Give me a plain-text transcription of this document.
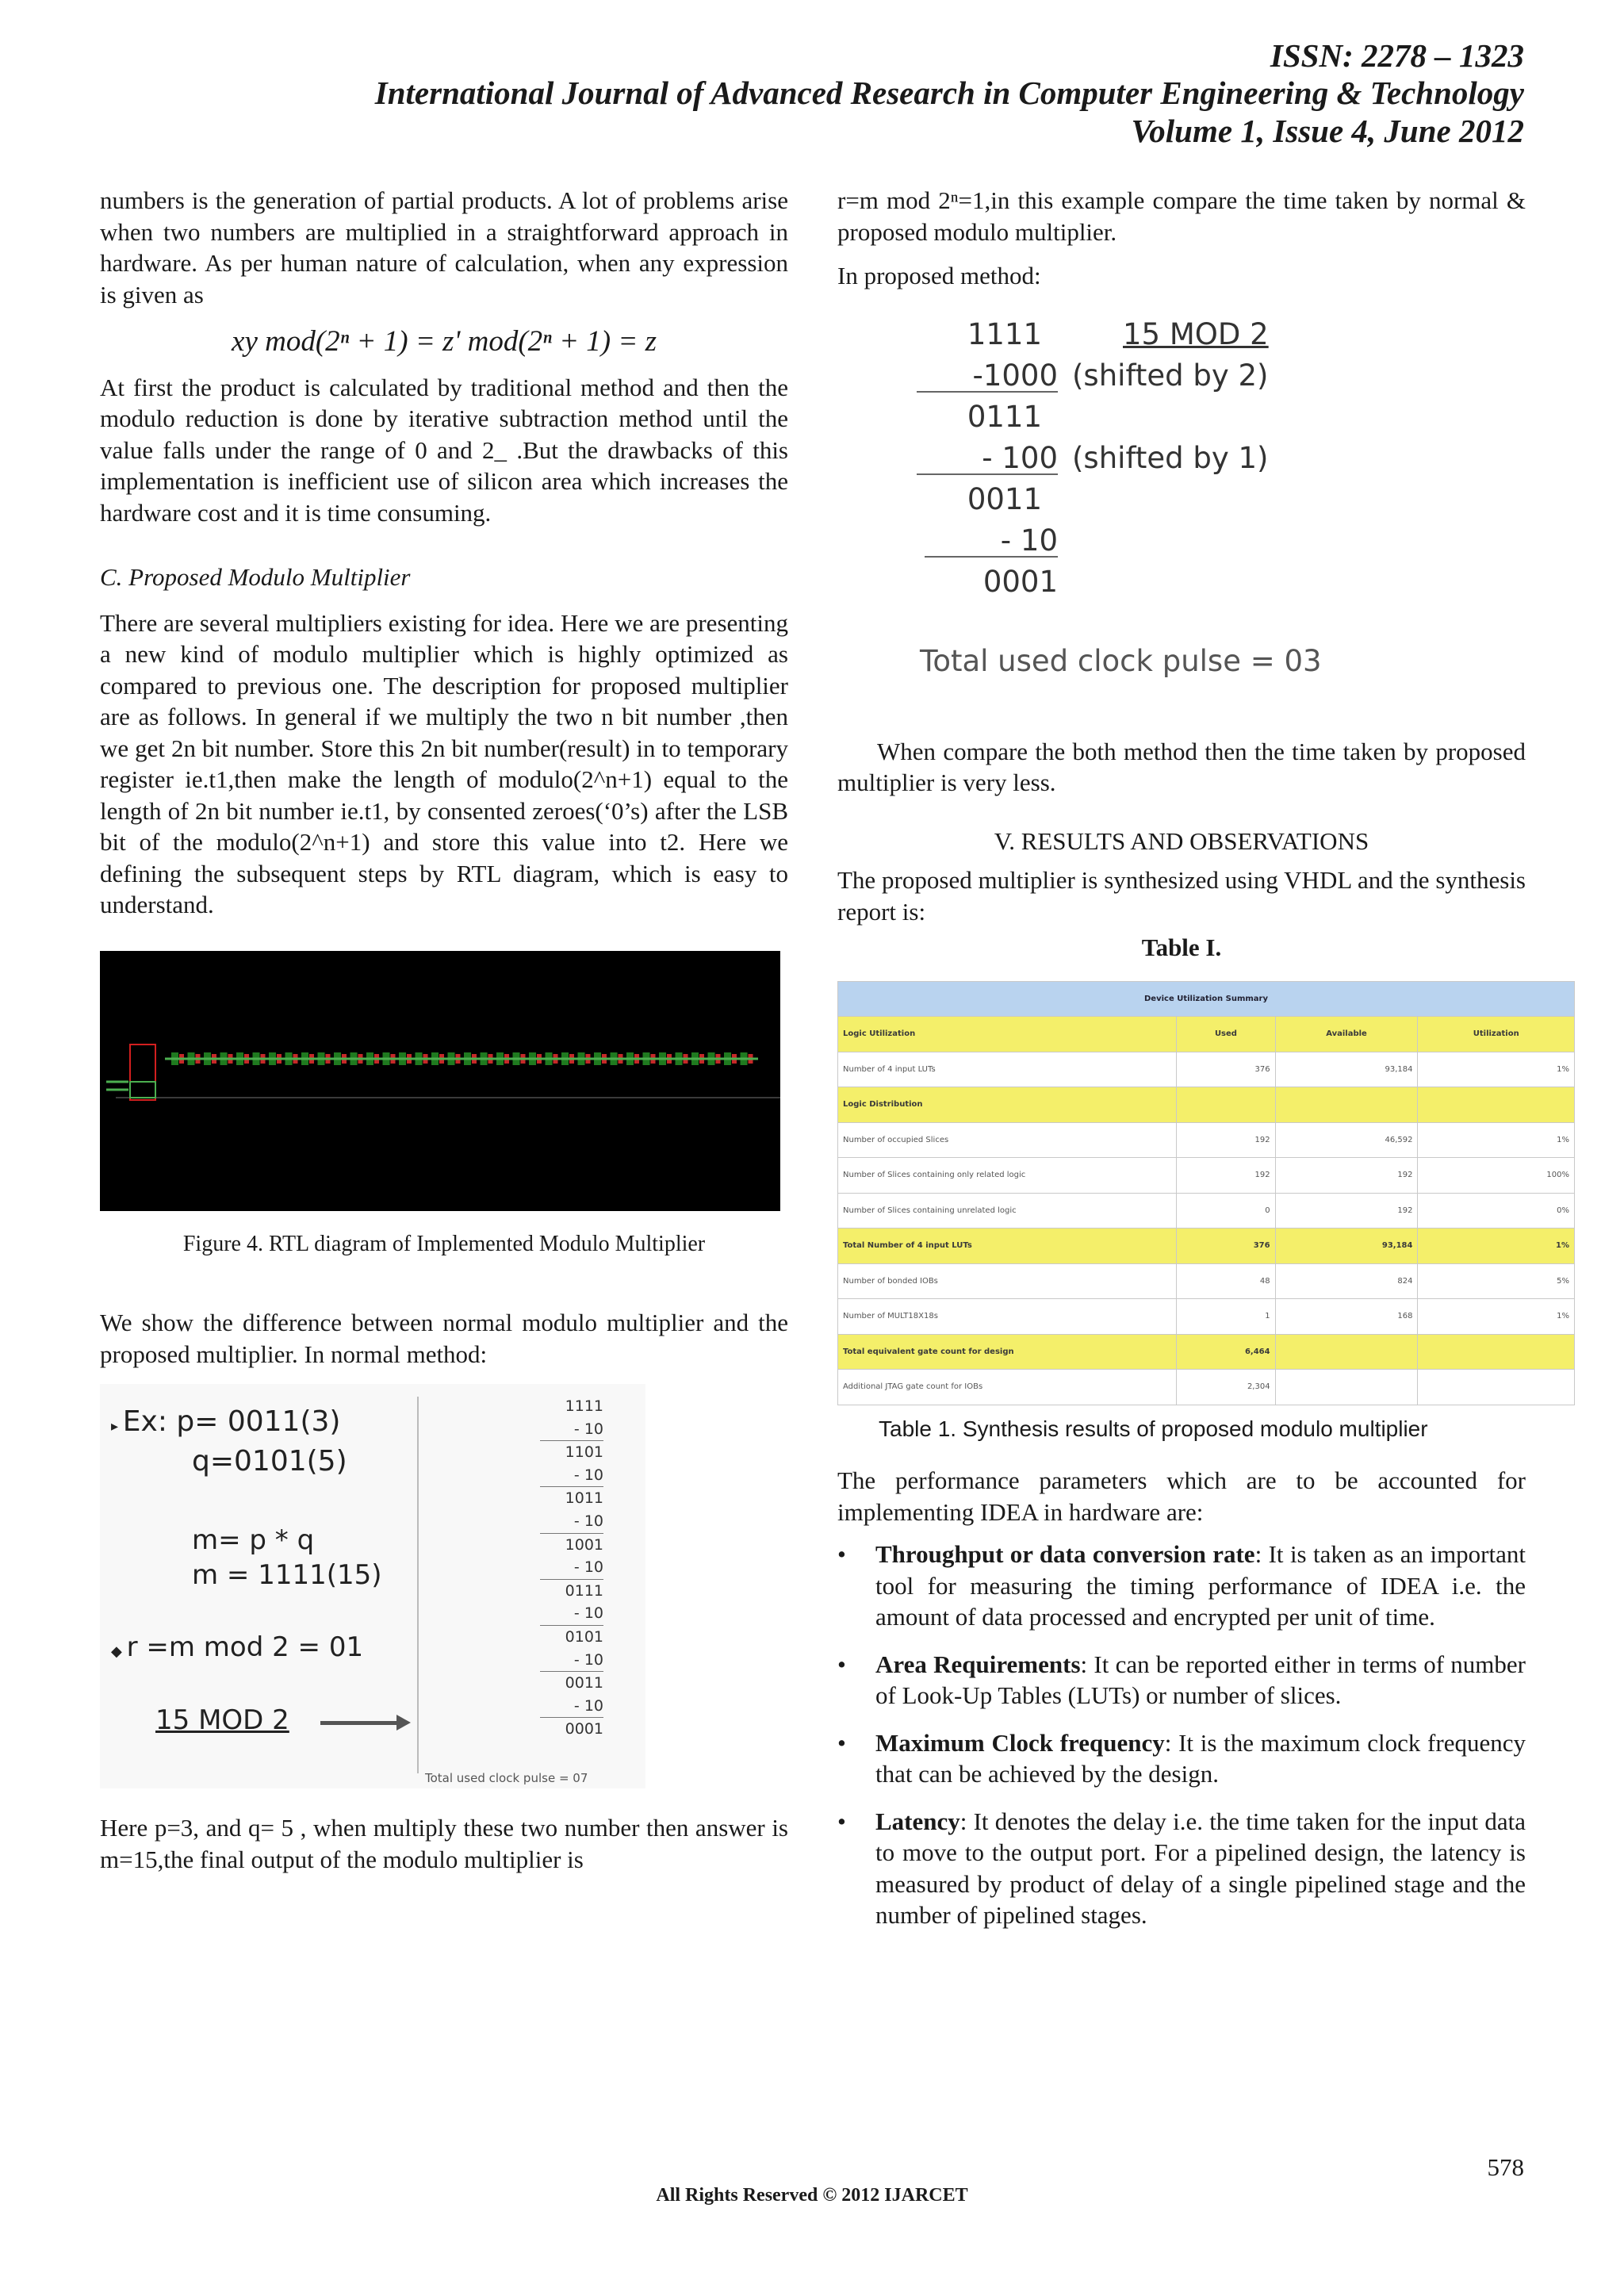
ISSN: 2278 – 1323
International Journal of Advanced Research in Computer Engineering & Technology
Volume 1, Issue 4, June 2012

numbers is the generation of partial products. A lot of problems arise when two numbers are multiplied in a straightforward approach in hardware. As per human nature of calculation, when any expression is given as

xy mod(2ⁿ + 1) = z' mod(2ⁿ + 1) = z

At first the product is calculated by traditional method and then the modulo reduction is done by iterative subtraction method until the value falls under the range of 0 and 2_ .But the drawbacks of this implementation is inefficient use of silicon area which increases the hardware cost and it is time consuming.

C. Proposed Modulo Multiplier

There are several multipliers existing for idea. Here we are presenting a new kind of modulo multiplier which is highly optimized as compared to previous one. The description for proposed multiplier are as follows. In general if we multiply the two n bit number ,then we get 2n bit number. Store this 2n bit number(result) in to temporary register ie.t1,then make the length of modulo(2^n+1) equal to the length of 2n bit number ie.t1, by consented zeroes(‘0’s) after the LSB bit of the modulo(2^n+1) and store this value into t2. Here we defining the subsequent steps by RTL diagram, which is easy to understand.

Figure 4. RTL diagram of Implemented Modulo Multiplier

We show the difference between normal modulo multiplier and the proposed multiplier. In normal method:

▸ Ex: p= 0011(3)
q=0101(5)
m= p * q
m = 1111(15)
◆ r =m mod 2 = 01
15 MOD 2
1111
- 10
1101
- 10
1011
- 10
1001
- 10
0111
- 10
0101
- 10
0011
- 10
0001
Total used clock pulse = 07

Here p=3, and q= 5 , when multiply these two number then answer is m=15,the final output of the modulo multiplier is

r=m mod 2ⁿ=1,in this example compare the time taken by normal & proposed modulo multiplier.

In proposed method:

1111	15 MOD 2
-1000 (shifted by 2)
0111
- 100 (shifted by 1)
0011
- 10
0001
Total used clock pulse = 03

When compare the both method then the time taken by proposed multiplier is very less.

V. RESULTS AND OBSERVATIONS

The proposed multiplier is synthesized using VHDL and the synthesis report is:

Table I.
Device Utilization Summary			
Logic Utilization	Used	Available	Utilization
Number of 4 input LUTs	376	93,184	1%
Logic Distribution			
Number of occupied Slices	192	46,592	1%
Number of Slices containing only related logic	192	192	100%
Number of Slices containing unrelated logic	0	192	0%
Total Number of 4 input LUTs	376	93,184	1%
Number of bonded IOBs	48	824	5%
Number of MULT18X18s	1	168	1%
Total equivalent gate count for design	6,464		
Additional JTAG gate count for IOBs	2,304		
Table 1. Synthesis results of proposed modulo multiplier

The performance parameters which are to be accounted for implementing IDEA in hardware are:

• Throughput or data conversion rate: It is taken as an important tool for measuring the timing performance of IDEA i.e. the amount of data processed and encrypted per unit of time.
• Area Requirements: It can be reported either in terms of number of Look-Up Tables (LUTs) or number of slices.
• Maximum Clock frequency: It is the maximum clock frequency that can be achieved by the design.
• Latency: It denotes the delay i.e. the time taken for the input data to move to the output port. For a pipelined design, the latency is measured by product of delay of a single pipelined stage and the number of pipelined stages.
578
All Rights Reserved © 2012 IJARCET
